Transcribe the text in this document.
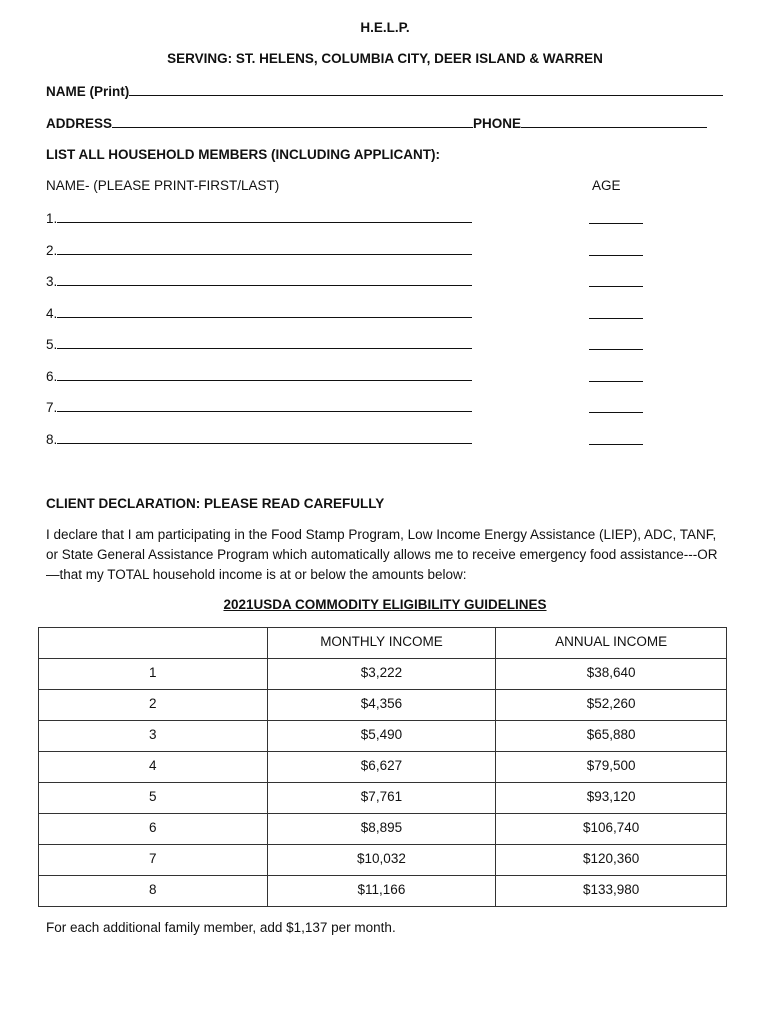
H.E.L.P.
SERVING: ST. HELENS, COLUMBIA CITY, DEER ISLAND & WARREN
NAME (Print)
ADDRESS	PHONE
LIST ALL HOUSEHOLD MEMBERS (INCLUDING APPLICANT):
NAME- (PLEASE PRINT-FIRST/LAST)	AGE
1.
2.
3.
4.
5.
6.
7.
8.
CLIENT DECLARATION: PLEASE READ CAREFULLY
I declare that I am participating in the Food Stamp Program, Low Income Energy Assistance (LIEP), ADC, TANF, or State General Assistance Program which automatically allows me to receive emergency food assistance---OR—that my TOTAL household income is at or below the amounts below:
2021USDA COMMODITY ELIGIBILITY GUIDELINES
	MONTHLY INCOME	ANNUAL INCOME
1	$3,222	$38,640
2	$4,356	$52,260
3	$5,490	$65,880
4	$6,627	$79,500
5	$7,761	$93,120
6	$8,895	$106,740
7	$10,032	$120,360
8	$11,166	$133,980
For each additional family member, add $1,137 per month.
